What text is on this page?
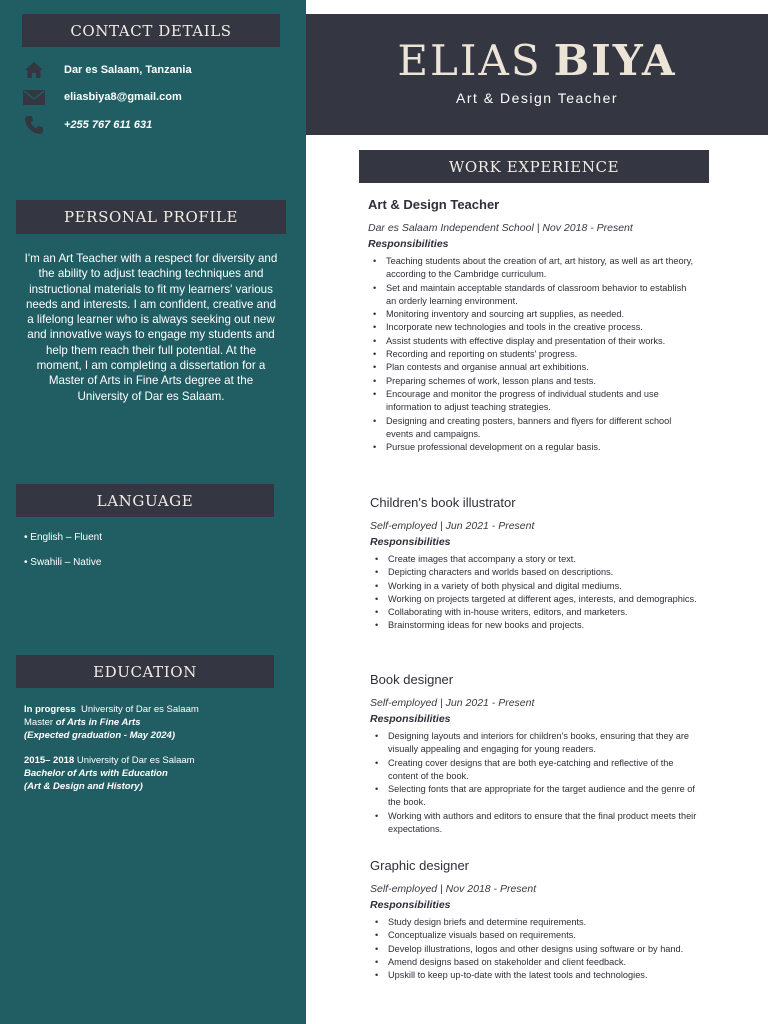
CONTACT DETAILS
Dar es Salaam, Tanzania
eliasbiya8@gmail.com
+255 767 611 631
PERSONAL PROFILE

I'm an Art Teacher with a respect for diversity and the ability to adjust teaching techniques and instructional materials to fit my learners' various needs and interests. I am confident, creative and a lifelong learner who is always seeking out new and innovative ways to engage my students and help them reach their full potential. At the moment, I am completing a dissertation for a Master of Arts in Fine Arts degree at the University of Dar es Salaam.

LANGUAGE
• English – Fluent
• Swahili – Native
EDUCATION
In progress University of Dar es Salaam
Master of Arts in Fine Arts
(Expected graduation - May 2024)
2015– 2018 University of Dar es Salaam
Bachelor of Arts with Education
(Art & Design and History)
ELIAS BIYA
Art & Design Teacher
WORK EXPERIENCE
Art & Design Teacher
Dar es Salaam Independent School | Nov 2018 - Present
Responsibilities
• Teaching students about the creation of art, art history, as well as art theory, according to the Cambridge curriculum.
• Set and maintain acceptable standards of classroom behavior to establish an orderly learning environment.
• Monitoring inventory and sourcing art supplies, as needed.
• Incorporate new technologies and tools in the creative process.
• Assist students with effective display and presentation of their works.
• Recording and reporting on students' progress.
• Plan contests and organise annual art exhibitions.
• Preparing schemes of work, lesson plans and tests.
• Encourage and monitor the progress of individual students and use information to adjust teaching strategies.
• Designing and creating posters, banners and flyers for different school events and campaigns.
• Pursue professional development on a regular basis.
Children's book illustrator
Self-employed | Jun 2021 - Present
Responsibilities
• Create images that accompany a story or text.
• Depicting characters and worlds based on descriptions.
• Working in a variety of both physical and digital mediums.
• Working on projects targeted at different ages, interests, and demographics.
• Collaborating with in-house writers, editors, and marketers.
• Brainstorming ideas for new books and projects.
Book designer
Self-employed | Jun 2021 - Present
Responsibilities
• Designing layouts and interiors for children's books, ensuring that they are visually appealing and engaging for young readers.
• Creating cover designs that are both eye-catching and reflective of the content of the book.
• Selecting fonts that are appropriate for the target audience and the genre of the book.
• Working with authors and editors to ensure that the final product meets their expectations.
Graphic designer
Self-employed | Nov 2018 - Present
Responsibilities
• Study design briefs and determine requirements.
• Conceptualize visuals based on requirements.
• Develop illustrations, logos and other designs using software or by hand.
• Amend designs based on stakeholder and client feedback.
• Upskill to keep up-to-date with the latest tools and technologies.
